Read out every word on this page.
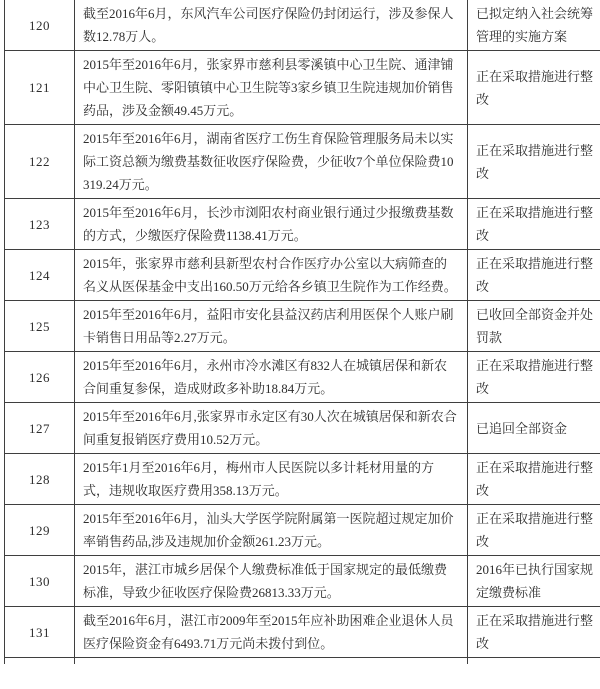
120	截至2016年6月，东风汽车公司医疗保险仍封闭运行，涉及参保人数12.78万人。	已拟定纳入社会统筹管理的实施方案
121	2015年至2016年6月，张家界市慈利县零溪镇中心卫生院、通津铺中心卫生院、零阳镇镇中心卫生院等3家乡镇卫生院违规加价销售药品，涉及金额49.45万元。	正在采取措施进行整改
122	2015年至2016年6月，湖南省医疗工伤生育保险管理服务局未以实际工资总额为缴费基数征收医疗保险费，少征收7个单位保险费10319.24万元。	正在采取措施进行整改
123	2015年至2016年6月，长沙市浏阳农村商业银行通过少报缴费基数的方式，少缴医疗保险费1138.41万元。	正在采取措施进行整改
124	2015年，张家界市慈利县新型农村合作医疗办公室以大病筛查的名义从医保基金中支出160.50万元给各乡镇卫生院作为工作经费。	正在采取措施进行整改
125	2015年至2016年6月，益阳市安化县益汉药店利用医保个人账户刷卡销售日用品等2.27万元。	已收回全部资金并处罚款
126	2015年至2016年6月，永州市冷水滩区有832人在城镇居保和新农合间重复参保，造成财政多补助18.84万元。	正在采取措施进行整改
127	2015年至2016年6月,张家界市永定区有30人次在城镇居保和新农合间重复报销医疗费用10.52万元。	已追回全部资金
128	2015年1月至2016年6月，梅州市人民医院以多计耗材用量的方式，违规收取医疗费用358.13万元。	正在采取措施进行整改
129	2015年至2016年6月，汕头大学医学院附属第一医院超过规定加价率销售药品,涉及违规加价金额261.23万元。	正在采取措施进行整改
130	2015年，湛江市城乡居保个人缴费标准低于国家规定的最低缴费标准，导致少征收医疗保险费26813.33万元。	2016年已执行国家规定缴费标准
131	截至2016年6月，湛江市2009年至2015年应补助困难企业退休人员医疗保险资金有6493.71万元尚未拨付到位。	正在采取措施进行整改
